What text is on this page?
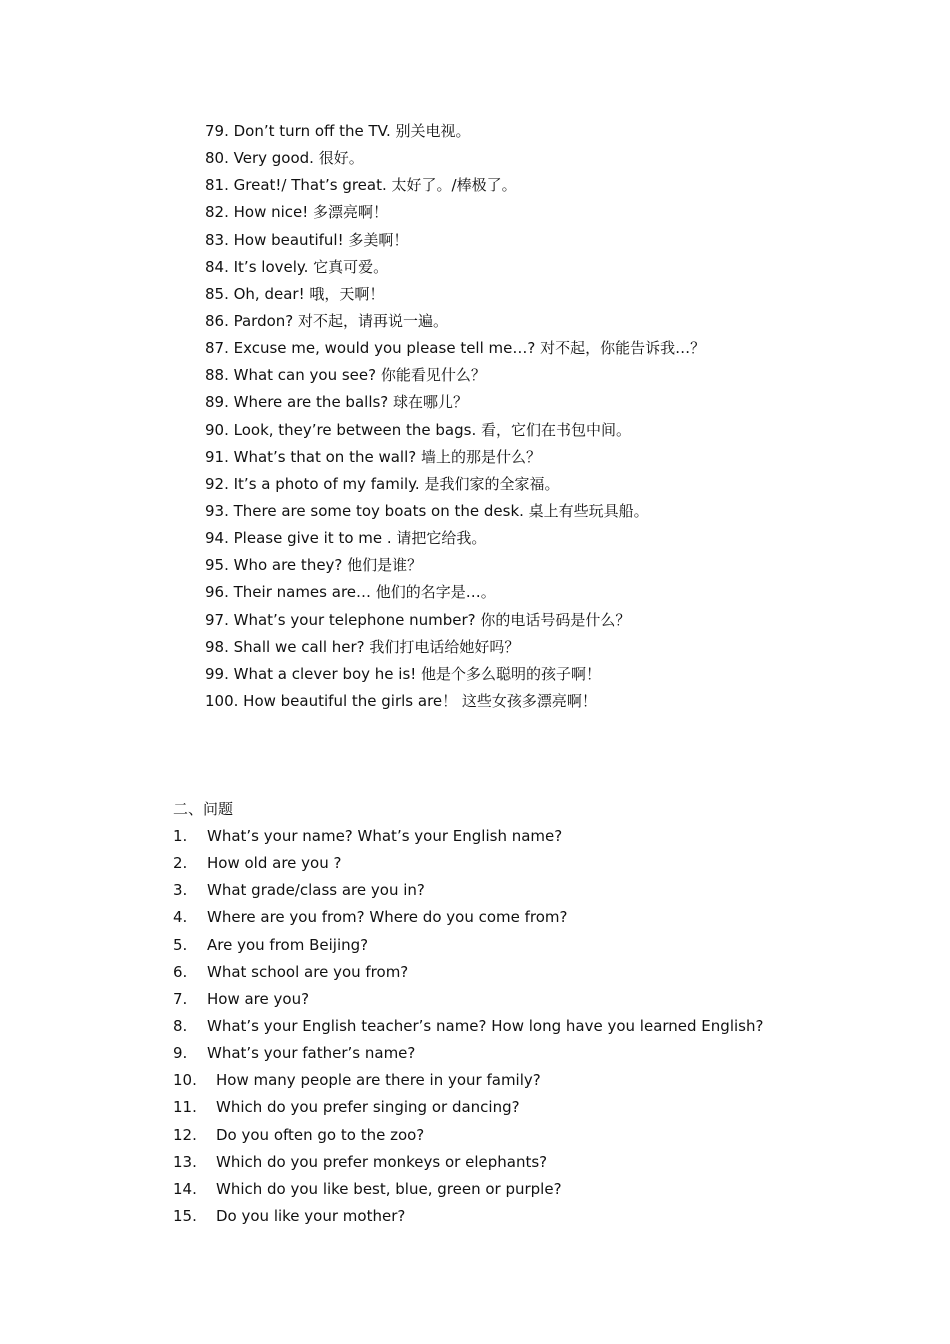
79. Don’t turn off the TV. 别关电视。
80. Very good. 很好。
81. Great!/ That’s great. 太好了。/棒极了。
82. How nice! 多漂亮啊！
83. How beautiful! 多美啊！
84. It’s lovely. 它真可爱。
85. Oh, dear! 哦，天啊！
86. Pardon? 对不起，请再说一遍。
87. Excuse me, would you please tell me…? 对不起，你能告诉我…？
88. What can you see? 你能看见什么？
89. Where are the balls? 球在哪儿？
90. Look, they’re between the bags. 看，它们在书包中间。
91. What’s that on the wall? 墙上的那是什么？
92. It’s a photo of my family. 是我们家的全家福。
93. There are some toy boats on the desk. 桌上有些玩具船。
94. Please give it to me . 请把它给我。
95. Who are they? 他们是谁？
96. Their names are… 他们的名字是…。
97. What’s your telephone number? 你的电话号码是什么？
98. Shall we call her? 我们打电话给她好吗？
99. What a clever boy he is! 他是个多么聪明的孩子啊！
100. How beautiful the girls are！ 这些女孩多漂亮啊！
二、问题
1.	What’s your name? What’s your English name?
2.	How old are you ?
3.	What grade/class are you in?
4.	Where are you from? Where do you come from?
5.	Are you from Beijing?
6.	What school are you from?
7.	How are you?
8.	What’s your English teacher’s name? How long have you learned English?
9.	What’s your father’s name?
10.	How many people are there in your family?
11.	Which do you prefer singing or dancing?
12.	Do you often go to the zoo?
13.	Which do you prefer monkeys or elephants?
14.	Which do you like best, blue, green or purple?
15.	Do you like your mother?
